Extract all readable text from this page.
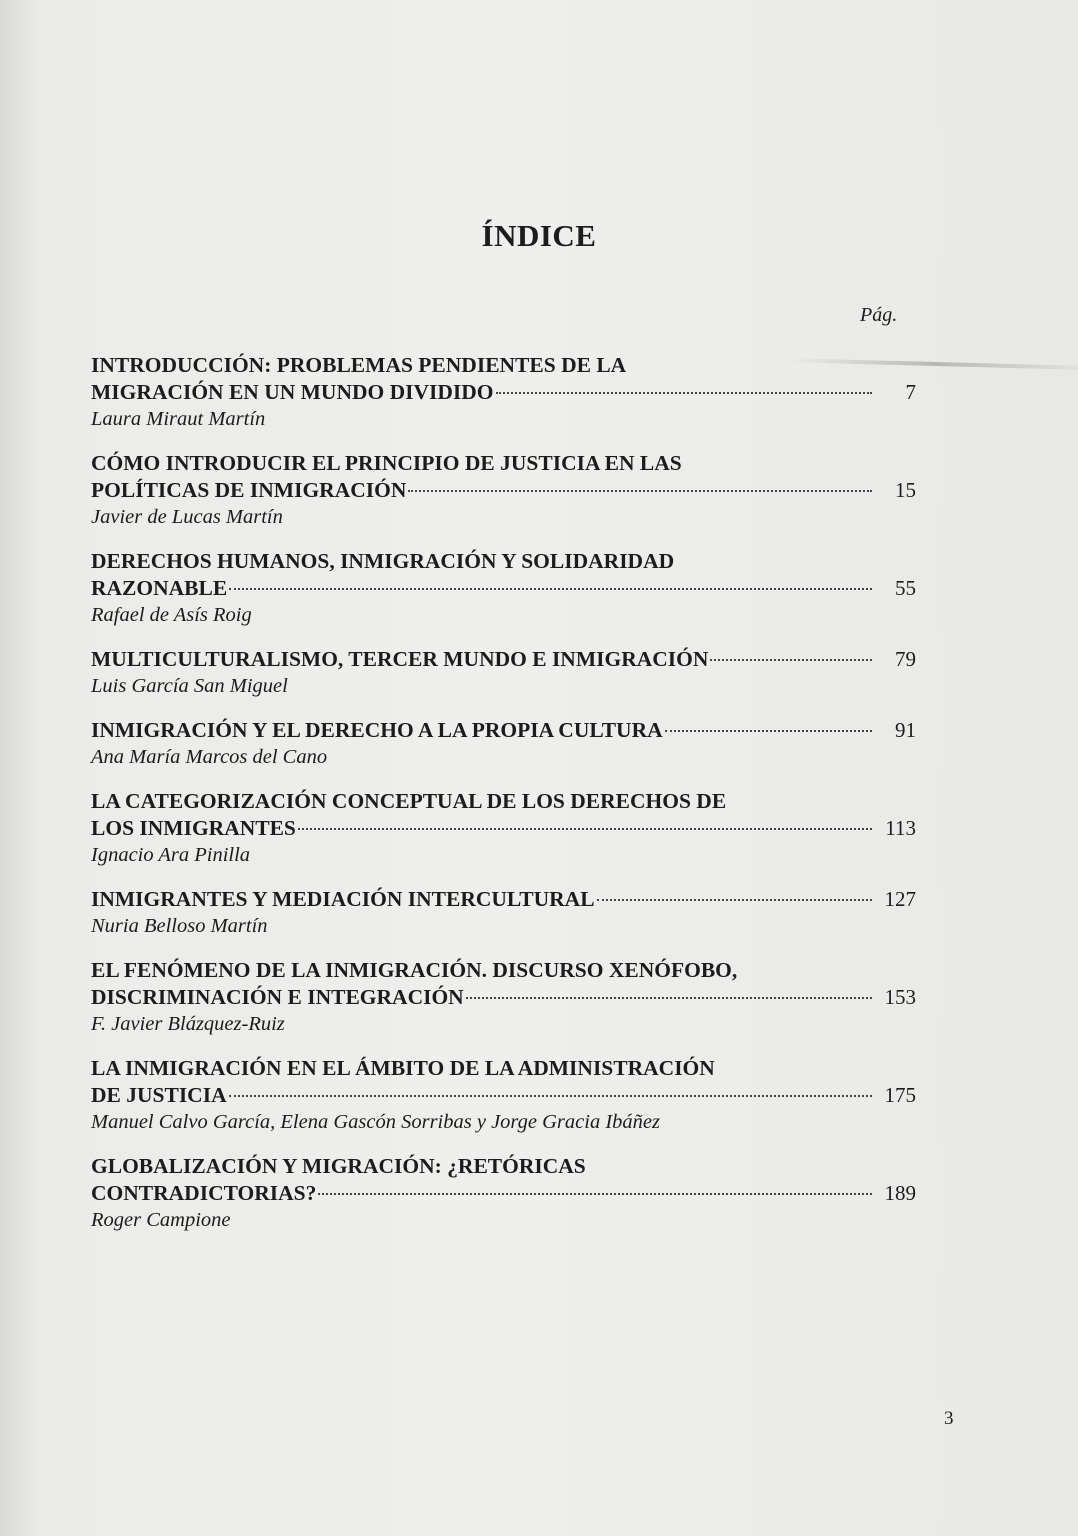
ÍNDICE
Pág.
INTRODUCCIÓN: PROBLEMAS PENDIENTES DE LA
MIGRACIÓN EN UN MUNDO DIVIDIDO	7
Laura Miraut Martín
CÓMO INTRODUCIR EL PRINCIPIO DE JUSTICIA EN LAS
POLÍTICAS DE INMIGRACIÓN	15
Javier de Lucas Martín
DERECHOS HUMANOS, INMIGRACIÓN Y SOLIDARIDAD
RAZONABLE	55
Rafael de Asís Roig
MULTICULTURALISMO, TERCER MUNDO E INMIGRACIÓN	79
Luis García San Miguel
INMIGRACIÓN Y EL DERECHO A LA PROPIA CULTURA	91
Ana María Marcos del Cano
LA CATEGORIZACIÓN CONCEPTUAL DE LOS DERECHOS DE
LOS INMIGRANTES	113
Ignacio Ara Pinilla
INMIGRANTES Y MEDIACIÓN INTERCULTURAL	127
Nuria Belloso Martín
EL FENÓMENO DE LA INMIGRACIÓN. DISCURSO XENÓFOBO,
DISCRIMINACIÓN E INTEGRACIÓN	153
F. Javier Blázquez-Ruiz
LA INMIGRACIÓN EN EL ÁMBITO DE LA ADMINISTRACIÓN
DE JUSTICIA	175
Manuel Calvo García, Elena Gascón Sorribas y Jorge Gracia Ibáñez
GLOBALIZACIÓN Y MIGRACIÓN: ¿RETÓRICAS
CONTRADICTORIAS?	189
Roger Campione
3
